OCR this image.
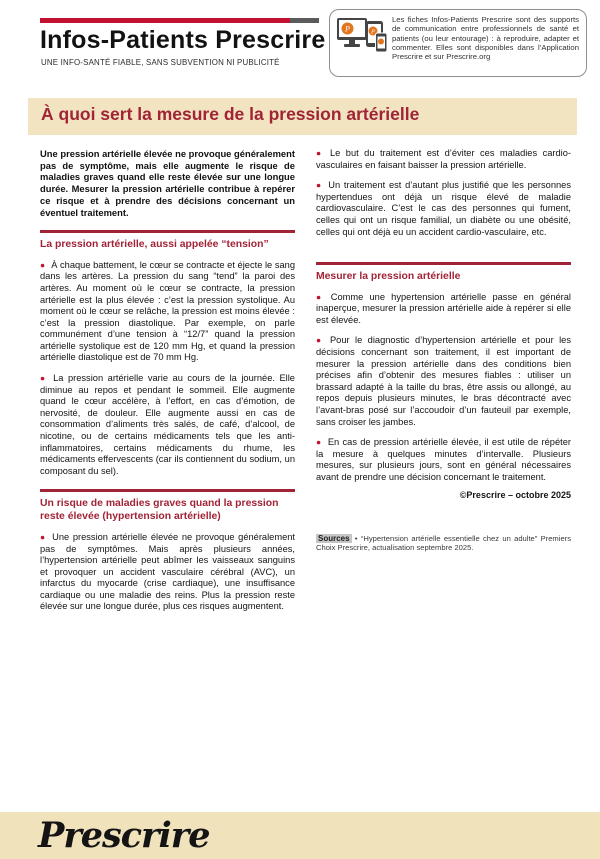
Infos-Patients Prescrire
UNE INFO-SANTÉ FIABLE, SANS SUBVENTION NI PUBLICITÉ
P	P
Les fiches Infos-Patients Prescrire sont des supports de communication entre professionnels de santé et patients (ou leur entourage) : à reproduire, adapter et commenter. Elles sont disponibles dans l’Application Prescrire et sur Prescrire.org
À quoi sert la mesure de la pression artérielle

Une pression artérielle élevée ne provoque généralement pas de symptôme, mais elle augmente le risque de maladies graves quand elle reste élevée sur une longue durée. Mesurer la pression artérielle contribue à repérer ce risque et à prendre des décisions concernant un éventuel traitement.

La pression artérielle, aussi appelée “tension”

● À chaque battement, le cœur se contracte et éjecte le sang dans les artères. La pression du sang “tend” la paroi des artères. Au moment où le cœur se contracte, la pression artérielle est la plus élevée : c’est la pression systolique. Au moment où le cœur se relâche, la pression est moins élevée : c’est la pression diastolique. Par exemple, on parle communément d’une tension à “12/7” quand la pression artérielle systolique est de 120 mm Hg, et quand la pression artérielle diastolique est de 70 mm Hg.

● La pression artérielle varie au cours de la journée. Elle diminue au repos et pendant le sommeil. Elle augmente quand le cœur accélère, à l’effort, en cas d’émotion, de nervosité, de douleur. Elle augmente aussi en cas de consommation d’aliments très salés, de café, d’alcool, de nicotine, ou de certains médicaments tels que les anti-inflammatoires, certains médicaments du rhume, les médicaments effervescents (car ils contiennent du sodium, un composant du sel).

Un risque de maladies graves quand la pression reste élevée (hypertension artérielle)

● Une pression artérielle élevée ne provoque généralement pas de symptômes. Mais après plusieurs années, l’hypertension artérielle peut abîmer les vaisseaux sanguins et provoquer un accident vasculaire cérébral (AVC), un infarctus du myocarde (crise cardiaque), une insuffisance cardiaque ou une maladie des reins. Plus la pression reste élevée sur une longue durée, plus ces risques augmentent.

● Le but du traitement est d’éviter ces maladies cardio-vasculaires en faisant baisser la pression artérielle.

● Un traitement est d’autant plus justifié que les personnes hypertendues ont déjà un risque élevé de maladie cardiovasculaire. C’est le cas des personnes qui fument, celles qui ont un risque familial, un diabète ou une obésité, celles qui ont déjà eu un accident cardio-vasculaire, etc.

Mesurer la pression artérielle

● Comme une hypertension artérielle passe en général inaperçue, mesurer la pression artérielle aide à repérer si elle est élevée.

● Pour le diagnostic d’hypertension artérielle et pour les décisions concernant son traitement, il est important de mesurer la pression artérielle dans des conditions bien précises afin d’obtenir des mesures fiables : utiliser un brassard adapté à la taille du bras, être assis ou allongé, au repos depuis plusieurs minutes, le bras décontracté avec l’avant-bras posé sur l’accoudoir d’un fauteuil par exemple, sans croiser les jambes.

● En cas de pression artérielle élevée, il est utile de répéter la mesure à quelques minutes d’intervalle. Plusieurs mesures, sur plusieurs jours, sont en général nécessaires avant de prendre une décision concernant le traitement.

©Prescrire – octobre 2025

Sources • “Hypertension artérielle essentielle chez un adulte” Premiers Choix Prescrire, actualisation septembre 2025.

Prescrire
